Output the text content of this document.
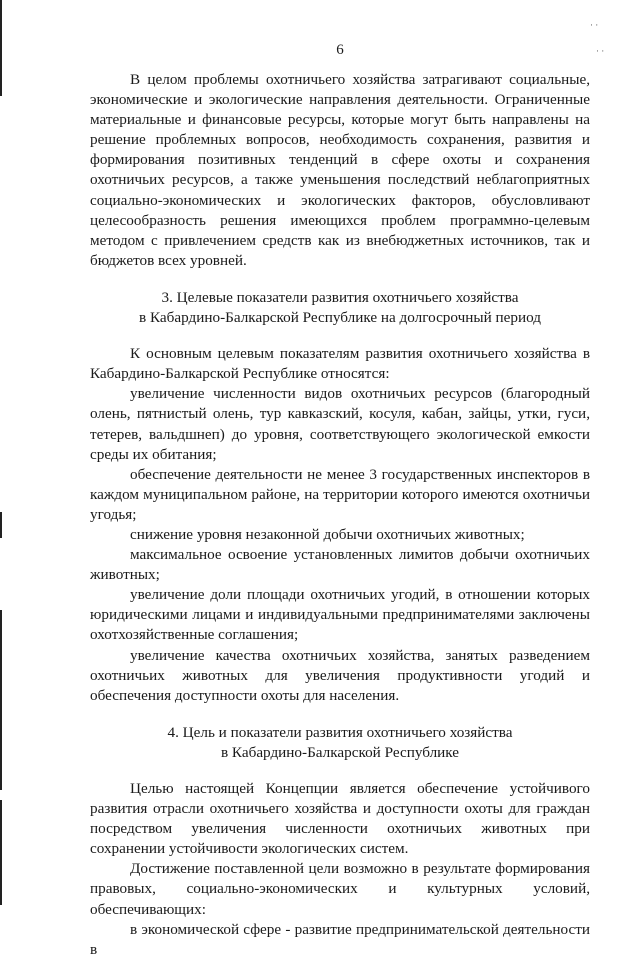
· ·
· ·
6

В целом проблемы охотничьего хозяйства затрагивают социальные, экономические и экологические направления деятельности. Ограниченные материальные и финансовые ресурсы, которые могут быть направлены на решение проблемных вопросов, необходимость сохранения, развития и формирования позитивных тенденций в сфере охоты и сохранения охотничьих ресурсов, а также уменьшения последствий неблагоприятных социально-экономических и экологических факторов, обусловливают целесообразность решения имеющихся проблем программно-целевым методом с привлечением средств как из внебюджетных источников, так и бюджетов всех уровней.

3. Целевые показатели развития охотничьего хозяйства
в Кабардино-Балкарской Республике на долгосрочный период

К основным целевым показателям развития охотничьего хозяйства в Кабардино-Балкарской Республике относятся:

увеличение численности видов охотничьих ресурсов (благородный олень, пятнистый олень, тур кавказский, косуля, кабан, зайцы, утки, гуси, тетерев, вальдшнеп) до уровня, соответствующего экологической емкости среды их обитания;

обеспечение деятельности не менее 3 государственных инспекторов в каждом муниципальном районе, на территории которого имеются охотничьи угодья;

снижение уровня незаконной добычи охотничьих животных;

максимальное освоение установленных лимитов добычи охотничьих животных;

увеличение доли площади охотничьих угодий, в отношении которых юридическими лицами и индивидуальными предпринимателями заключены охотхозяйственные соглашения;

увеличение качества охотничьих хозяйства, занятых разведением охотничьих животных для увеличения продуктивности угодий и обеспечения доступности охоты для населения.

4. Цель и показатели развития охотничьего хозяйства
в Кабардино-Балкарской Республике

Целью настоящей Концепции является обеспечение устойчивого развития отрасли охотничьего хозяйства и доступности охоты для граждан посредством увеличения численности охотничьих животных при сохранении устойчивости экологических систем.

Достижение поставленной цели возможно в результате формирования правовых, социально-экономических и культурных условий, обеспечивающих:

в экономической сфере - развитие предпринимательской деятельности в
